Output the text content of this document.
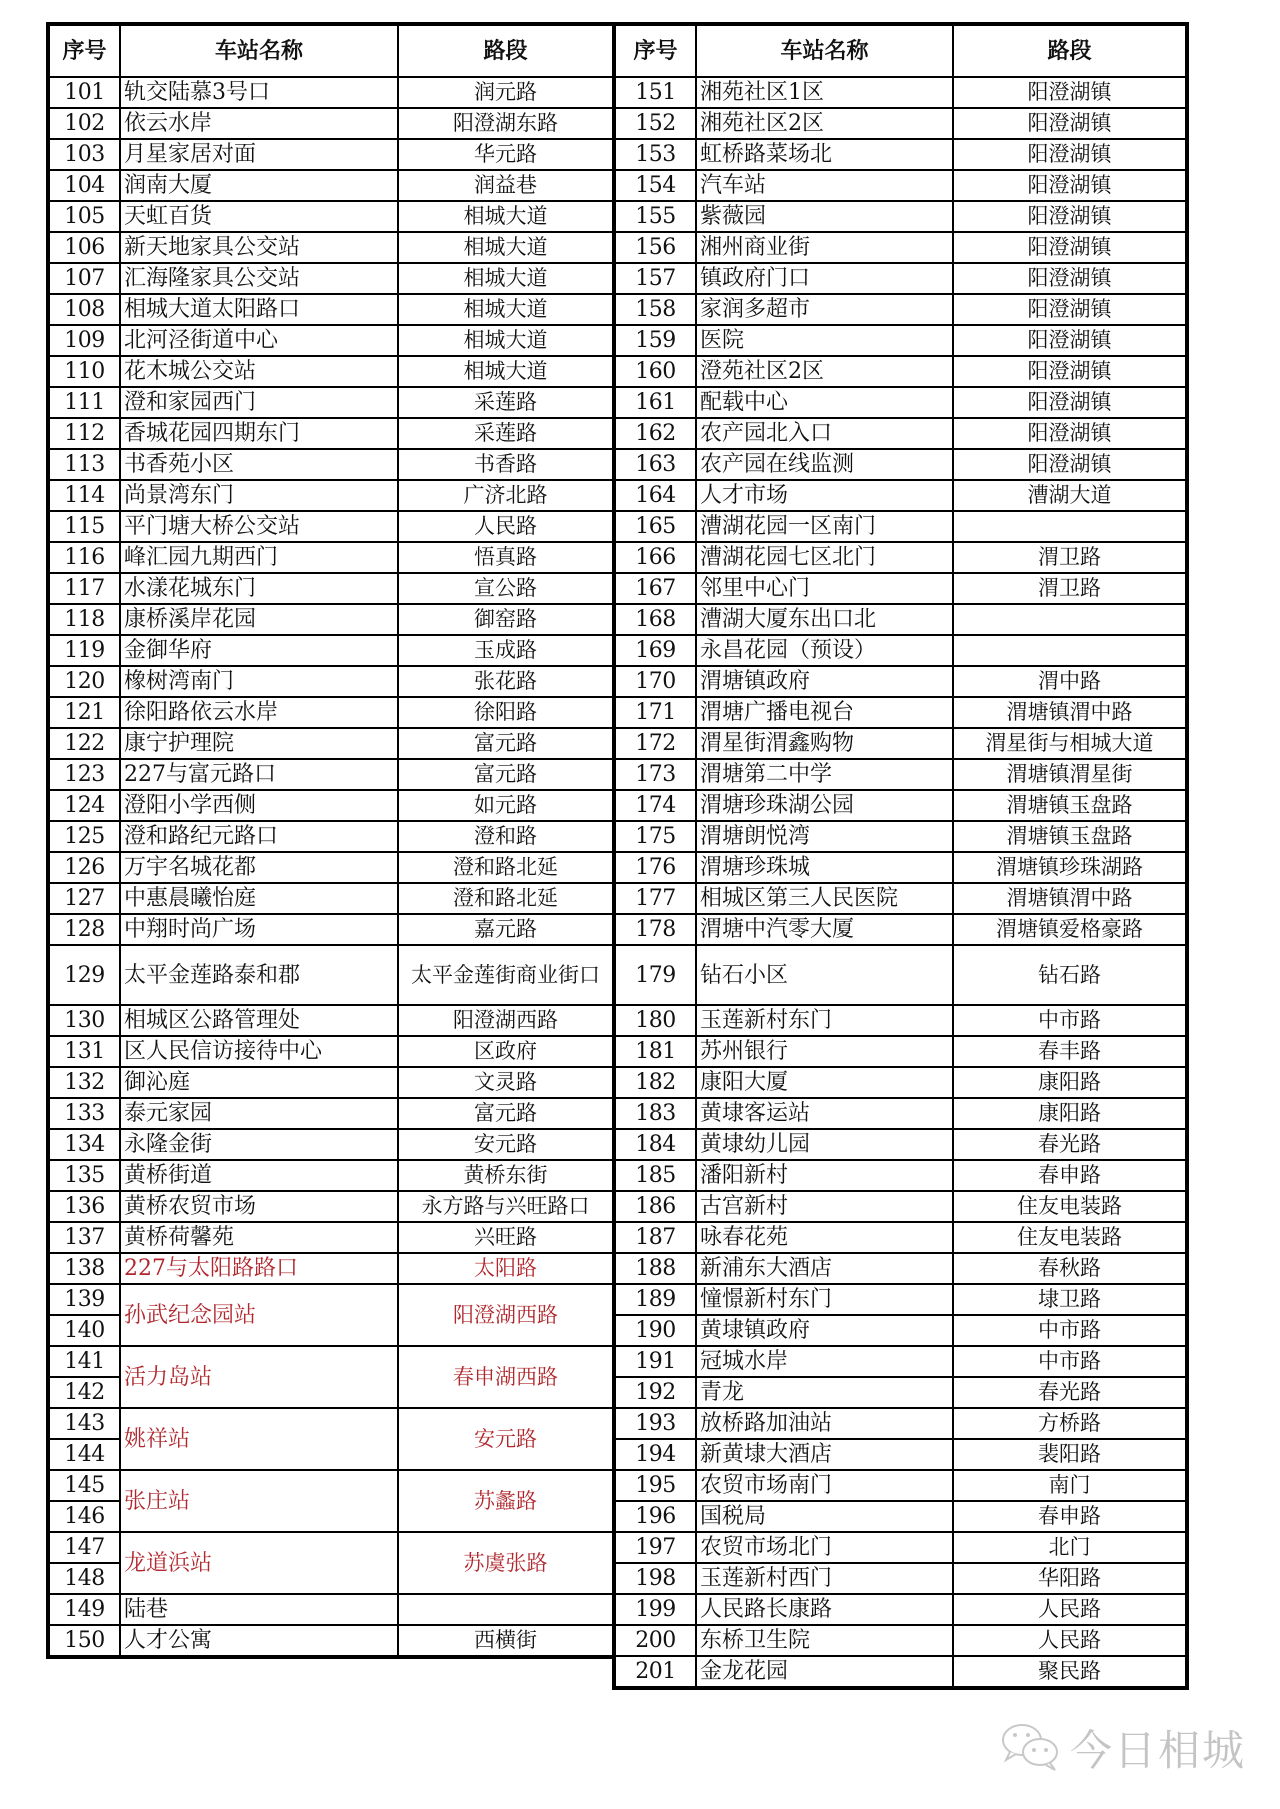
序号	车站名称	路段
101	轨交陆慕3号口	润元路
102	依云水岸	阳澄湖东路
103	月星家居对面	华元路
104	润南大厦	润益巷
105	天虹百货	相城大道
106	新天地家具公交站	相城大道
107	汇海隆家具公交站	相城大道
108	相城大道太阳路口	相城大道
109	北河泾街道中心	相城大道
110	花木城公交站	相城大道
111	澄和家园西门	采莲路
112	香城花园四期东门	采莲路
113	书香苑小区	书香路
114	尚景湾东门	广济北路
115	平门塘大桥公交站	人民路
116	峰汇园九期西门	悟真路
117	水漾花城东门	宣公路
118	康桥溪岸花园	御窑路
119	金御华府	玉成路
120	橡树湾南门	张花路
121	徐阳路依云水岸	徐阳路
122	康宁护理院	富元路
123	227与富元路口	富元路
124	澄阳小学西侧	如元路
125	澄和路纪元路口	澄和路
126	万宇名城花都	澄和路北延
127	中惠晨曦怡庭	澄和路北延
128	中翔时尚广场	嘉元路
129	太平金莲路泰和郡	太平金莲街商业街口
130	相城区公路管理处	阳澄湖西路
131	区人民信访接待中心	区政府
132	御沁庭	文灵路
133	泰元家园	富元路
134	永隆金街	安元路
135	黄桥街道	黄桥东街
136	黄桥农贸市场	永方路与兴旺路口
137	黄桥荷馨苑	兴旺路
138	227与太阳路路口	太阳路
139	孙武纪念园站	阳澄湖西路
140		
141	活力岛站	春申湖西路
142		
143	姚祥站	安元路
144		
145	张庄站	苏蠡路
146		
147	龙道浜站	苏虞张路
148		
149	陆巷	
150	人才公寓	西横街
序号	车站名称	路段
151	湘苑社区1区	阳澄湖镇
152	湘苑社区2区	阳澄湖镇
153	虹桥路菜场北	阳澄湖镇
154	汽车站	阳澄湖镇
155	紫薇园	阳澄湖镇
156	湘州商业街	阳澄湖镇
157	镇政府门口	阳澄湖镇
158	家润多超市	阳澄湖镇
159	医院	阳澄湖镇
160	澄苑社区2区	阳澄湖镇
161	配载中心	阳澄湖镇
162	农产园北入口	阳澄湖镇
163	农产园在线监测	阳澄湖镇
164	人才市场	漕湖大道
165	漕湖花园一区南门	
166	漕湖花园七区北门	渭卫路
167	邻里中心门	渭卫路
168	漕湖大厦东出口北	
169	永昌花园（预设）	
170	渭塘镇政府	渭中路
171	渭塘广播电视台	渭塘镇渭中路
172	渭星街渭鑫购物	渭星街与相城大道
173	渭塘第二中学	渭塘镇渭星街
174	渭塘珍珠湖公园	渭塘镇玉盘路
175	渭塘朗悦湾	渭塘镇玉盘路
176	渭塘珍珠城	渭塘镇珍珠湖路
177	相城区第三人民医院	渭塘镇渭中路
178	渭塘中汽零大厦	渭塘镇爱格豪路
179	钻石小区	钻石路
180	玉莲新村东门	中市路
181	苏州银行	春丰路
182	康阳大厦	康阳路
183	黄埭客运站	康阳路
184	黄埭幼儿园	春光路
185	潘阳新村	春申路
186	古宫新村	住友电装路
187	咏春花苑	住友电装路
188	新浦东大酒店	春秋路
189	憧憬新村东门	埭卫路
190	黄埭镇政府	中市路
191	冠城水岸	中市路
192	青龙	春光路
193	放桥路加油站	方桥路
194	新黄埭大酒店	裴阳路
195	农贸市场南门	南门
196	国税局	春申路
197	农贸市场北门	北门
198	玉莲新村西门	华阳路
199	人民路长康路	人民路
200	东桥卫生院	人民路
201	金龙花园	聚民路
今日相城
